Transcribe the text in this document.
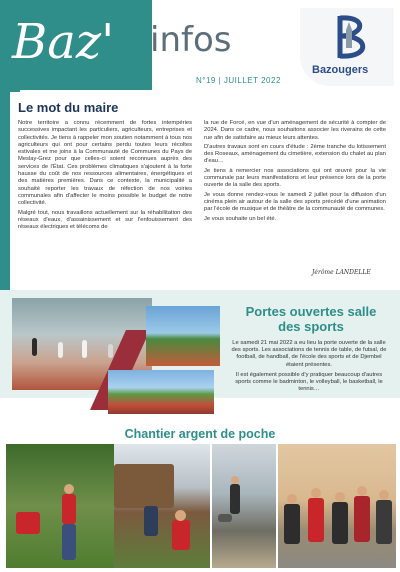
Baz' infos
N°19 | JUILLET 2022
Bazougers
Le mot du maire

Notre territoire a connu récemment de fortes intempéries successives impactant les particuliers, agriculteurs, entreprises et collectivités. Je tiens à rappeler mon soutien notamment à tous nos agriculteurs qui ont pour certains perdu toutes leurs récoltes estivales et me joins à la Communauté de Communes du Pays de Meslay-Grez pour que celles-ci soient reconnues auprès des services de l'État. Ces problèmes climatiques s'ajoutent à la forte hausse du coût de nos ressources alimentaires, énergétiques et des matières premières. Dans ce contexte, la municipalité a souhaité reporter les travaux de réfection de nos voiries communales afin d'affecter le moins possible le budget de notre collectivité.

Malgré tout, nous travaillons actuellement sur la réhabilitation des réseaux d'eaux, d'assainissement et sur l'enfouissement des réseaux électriques et télécoms de

la rue de Forcé, en vue d'un aménagement de sécurité à compter de 2024. Dans ce cadre, nous souhaitons associer les riverains de cette rue afin de satisfaire au mieux leurs attentes.

D'autres travaux sont en cours d'étude : 2ème tranche du lotissement des Roseaux, aménagement du cimetière, extension du chalet au plan d'eau…

Je tiens à remercier nos associations qui ont œuvré pour la vie communale par leurs manifestations et leur présence lors de la porte ouverte de la salle des sports.

Je vous donne rendez-vous le samedi 2 juillet pour la diffusion d'un cinéma plein air autour de la salle des sports précédé d'une animation par l'école de musique et de théâtre de la communauté de communes.

Je vous souhaite un bel été.

Jérôme LANDELLE
Portes ouvertes salle des sports

Le samedi 21 mai 2022 a eu lieu la porte ouverte de la salle des sports. Les associations de tennis de table, de futsal, de football, de handball, de l'école des sports et de Djembel étaient présentes.

Il est également possible d'y pratiquer beaucoup d'autres sports comme le badminton, le volleyball, le basketball, le tennis…

Chantier argent de poche
